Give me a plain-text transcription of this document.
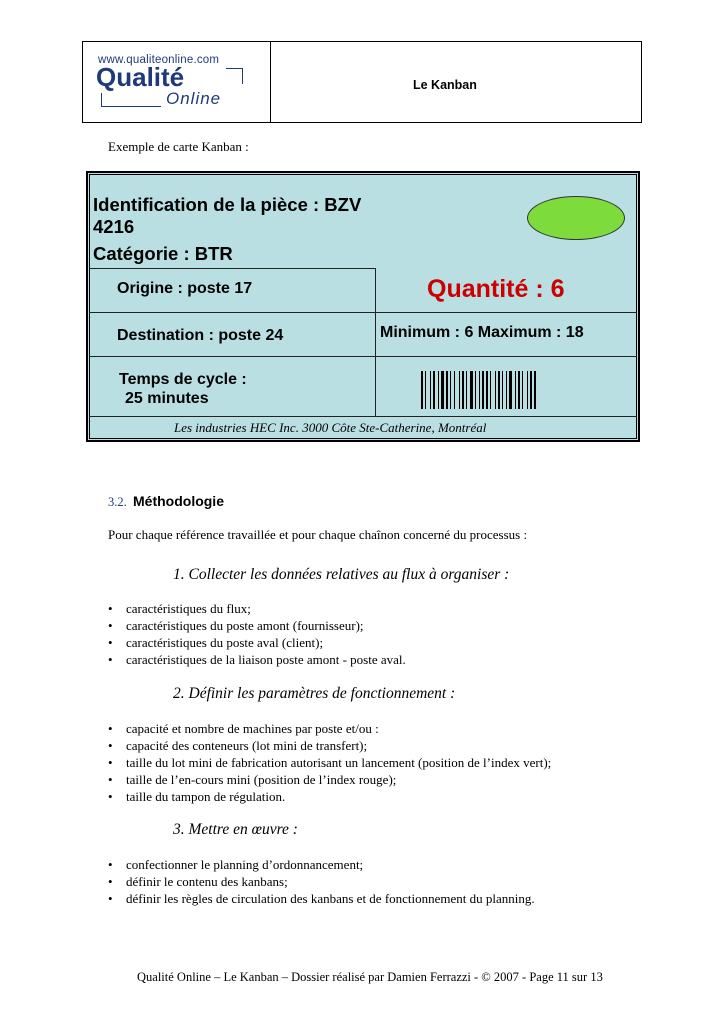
www.qualiteonline.com
Qualité
Online
Le Kanban
Exemple de carte Kanban :
Identification de la pièce : BZV
4216
Catégorie : BTR
Origine : poste 17	Quantité : 6
Destination : poste 24	Minimum : 6 Maximum : 18
Temps de cycle :
25 minutes
Les industries HEC Inc. 3000 Côte Ste-Catherine, Montréal
3.2. Méthodologie
Pour chaque référence travaillée et pour chaque chaînon concerné du processus :
1. Collecter les données relatives au flux à organiser :
• caractéristiques du flux;
• caractéristiques du poste amont (fournisseur);
• caractéristiques du poste aval (client);
• caractéristiques de la liaison poste amont - poste aval.
2. Définir les paramètres de fonctionnement :
• capacité et nombre de machines par poste et/ou :
• capacité des conteneurs (lot mini de transfert);
• taille du lot mini de fabrication autorisant un lancement (position de l’index vert);
• taille de l’en-cours mini (position de l’index rouge);
• taille du tampon de régulation.
3. Mettre en œuvre :
• confectionner le planning d’ordonnancement;
• définir le contenu des kanbans;
• définir les règles de circulation des kanbans et de fonctionnement du planning.
Qualité Online – Le Kanban – Dossier réalisé par Damien Ferrazzi - © 2007 - Page 11 sur 13
